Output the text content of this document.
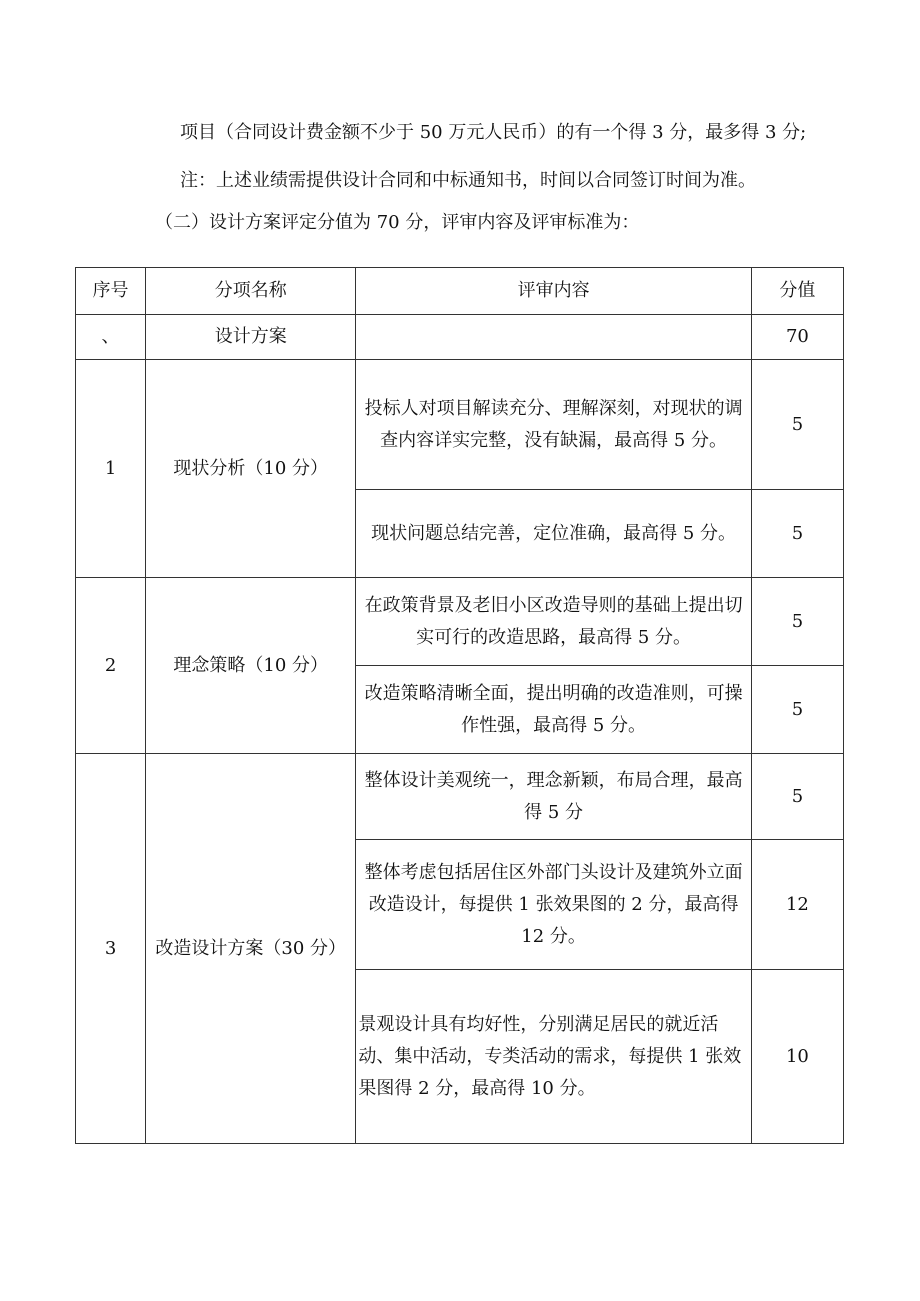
项目（合同设计费金额不少于 50 万元人民币）的有一个得 3 分，最多得 3 分;
注：上述业绩需提供设计合同和中标通知书，时间以合同签订时间为准。
（二）设计方案评定分值为 70 分，评审内容及评审标准为：
序号	分项名称	评审内容	分值
、	设计方案		70
1	现状分析（10 分）	投标人对项目解读充分、理解深刻，对现状的调查内容详实完整，没有缺漏，最高得 5 分。	5
		现状问题总结完善，定位准确，最高得 5 分。	5
2	理念策略（10 分）	在政策背景及老旧小区改造导则的基础上提出切实可行的改造思路，最高得 5 分。	5
		改造策略清晰全面，提出明确的改造准则，可操作性强，最高得 5 分。	5
3	改造设计方案（30 分）	整体设计美观统一，理念新颖，布局合理，最高得 5 分	5
		整体考虑包括居住区外部门头设计及建筑外立面改造设计，每提供 1 张效果图的 2 分，最高得 12 分。	12
		景观设计具有均好性，分别满足居民的就近活动、集中活动，专类活动的需求，每提供 1 张效果图得 2 分，最高得 10 分。	10
